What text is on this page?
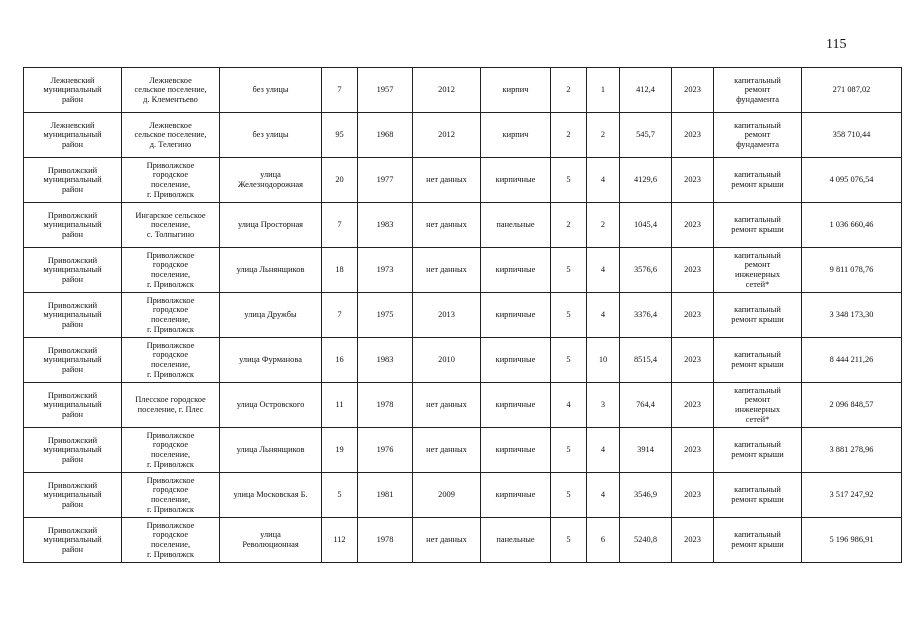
115
Лежневский
муниципальный
район	Лежневское
сельское поселение,
д. Клементьево	без улицы	7	1957	2012	кирпич	2	1	412,4	2023	капитальный
ремонт
фундамента	271 087,02
Лежневский
муниципальный
район	Лежневское
сельское поселение,
д. Телегино	без улицы	95	1968	2012	кирпич	2	2	545,7	2023	капитальный
ремонт
фундамента	358 710,44
Приволжский
муниципальный
район	Приволжское
городское
поселение,
г. Приволжск	улица
Железнодорожная	20	1977	нет данных	кирпичные	5	4	4129,6	2023	капитальный
ремонт крыши	4 095 076,54
Приволжский
муниципальный
район	Ингарское сельское
поселение,
с. Толпыгино	улица Просторная	7	1983	нет данных	панельные	2	2	1045,4	2023	капитальный
ремонт крыши	1 036 660,46
Приволжский
муниципальный
район	Приволжское
городское
поселение,
г. Приволжск	улица Льнянщиков	18	1973	нет данных	кирпичные	5	4	3576,6	2023	капитальный
ремонт
инженерных
сетей*	9 811 078,76
Приволжский
муниципальный
район	Приволжское
городское
поселение,
г. Приволжск	улица Дружбы	7	1975	2013	кирпичные	5	4	3376,4	2023	капитальный
ремонт крыши	3 348 173,30
Приволжский
муниципальный
район	Приволжское
городское
поселение,
г. Приволжск	улица Фурманова	16	1983	2010	кирпичные	5	10	8515,4	2023	капитальный
ремонт крыши	8 444 211,26
Приволжский
муниципальный
район	Плесское городское
поселение, г. Плес	улица Островского	11	1978	нет данных	кирпичные	4	3	764,4	2023	капитальный
ремонт
инженерных
сетей*	2 096 848,57
Приволжский
муниципальный
район	Приволжское
городское
поселение,
г. Приволжск	улица Льнянщиков	19	1976	нет данных	кирпичные	5	4	3914	2023	капитальный
ремонт крыши	3 881 278,96
Приволжский
муниципальный
район	Приволжское
городское
поселение,
г. Приволжск	улица Московская Б.	5	1981	2009	кирпичные	5	4	3546,9	2023	капитальный
ремонт крыши	3 517 247,92
Приволжский
муниципальный
район	Приволжское
городское
поселение,
г. Приволжск	улица
Революционная	112	1978	нет данных	панельные	5	6	5240,8	2023	капитальный
ремонт крыши	5 196 986,91
